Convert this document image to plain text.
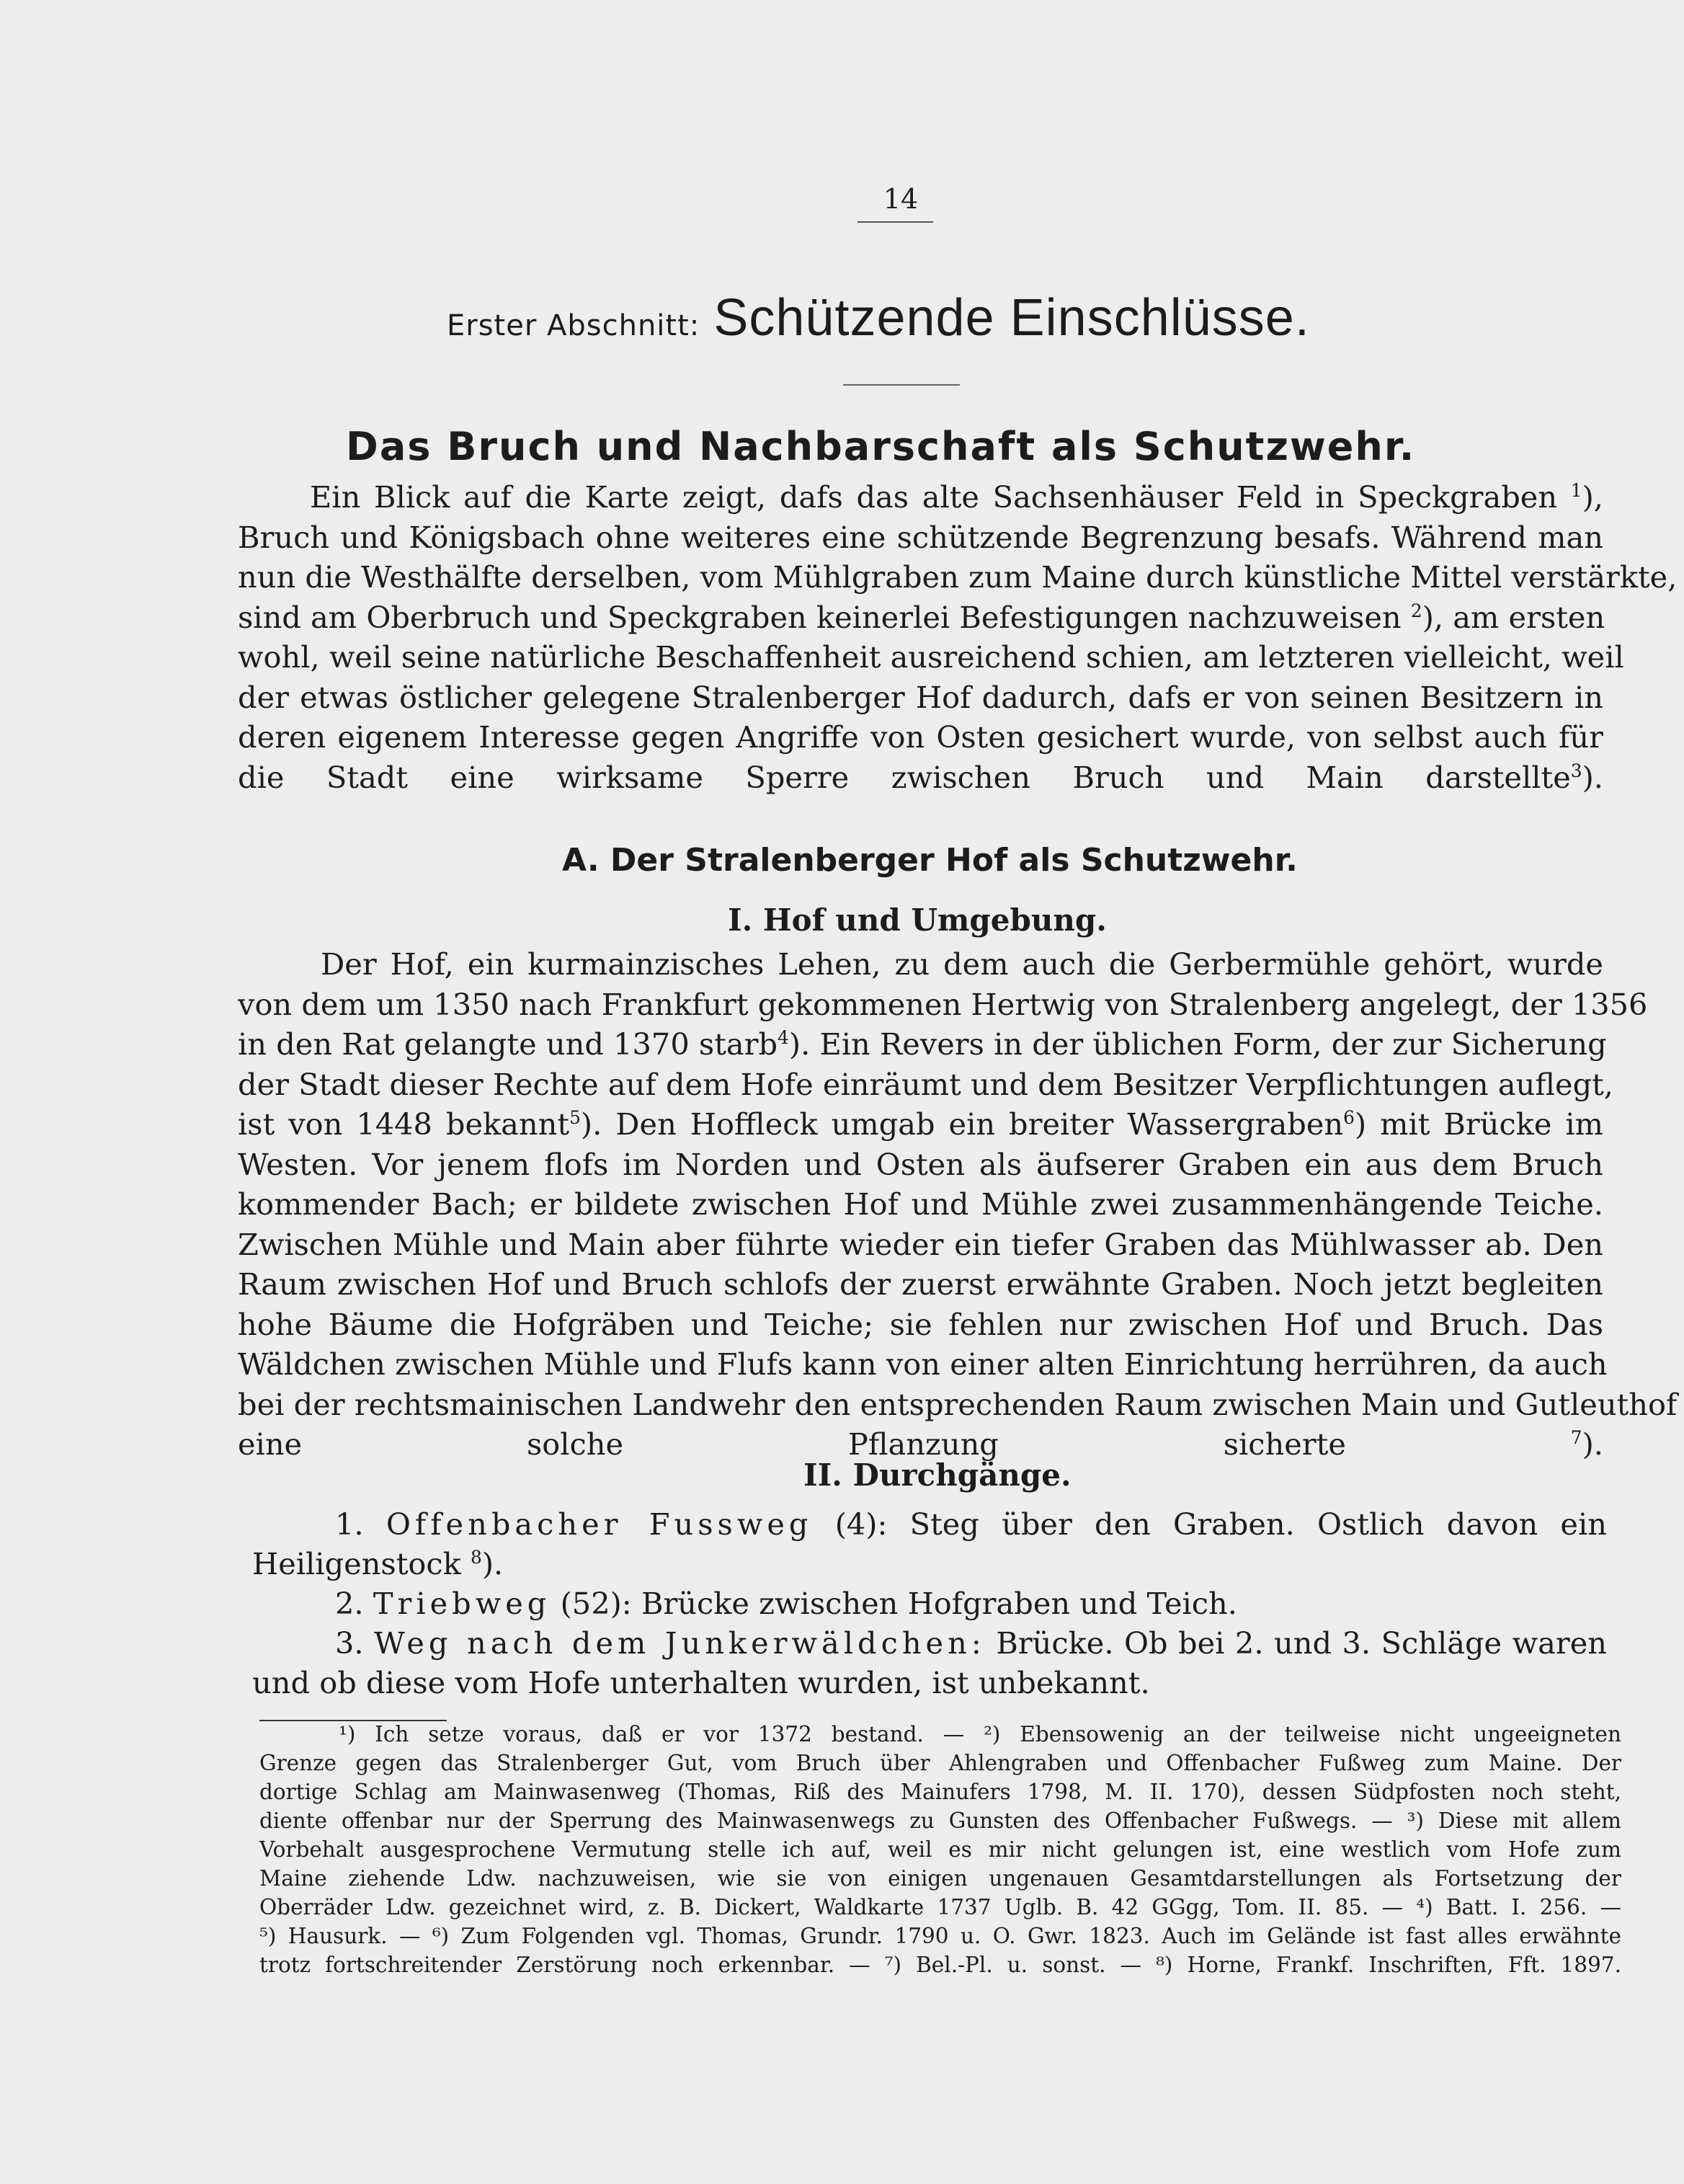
14
Erster Abschnitt: Schützende Einschlüsse.
Das Bruch und Nachbarschaft als Schutzwehr.
Ein Blick auf die Karte zeigt, dafs das alte Sachsenhäuser Feld in Speckgraben $^1$),
Bruch und Königsbach ohne weiteres eine schützende Begrenzung besafs. Während man
nun die Westhälfte derselben, vom Mühlgraben zum Maine durch künstliche Mittel verstärkte,
sind am Oberbruch und Speckgraben keinerlei Befestigungen nachzuweisen $^2$), am ersten
wohl, weil seine natürliche Beschaffenheit ausreichend schien, am letzteren vielleicht, weil
der etwas östlicher gelegene Stralenberger Hof dadurch, dafs er von seinen Besitzern in
deren eigenem Interesse gegen Angriffe von Osten gesichert wurde, von selbst auch für
die Stadt eine wirksame Sperre zwischen Bruch und Main darstellte$^3$).
A. Der Stralenberger Hof als Schutzwehr.
I. Hof und Umgebung.
Der Hof, ein kurmainzisches Lehen, zu dem auch die Gerbermühle gehört, wurde
von dem um 1350 nach Frankfurt gekommenen Hertwig von Stralenberg angelegt, der 1356
in den Rat gelangte und 1370 starb$^4$). Ein Revers in der üblichen Form, der zur Sicherung
der Stadt dieser Rechte auf dem Hofe einräumt und dem Besitzer Verpflichtungen auflegt,
ist von 1448 bekannt$^5$). Den Hoffleck umgab ein breiter Wassergraben$^6$) mit Brücke im
Westen. Vor jenem flofs im Norden und Osten als äufserer Graben ein aus dem Bruch
kommender Bach; er bildete zwischen Hof und Mühle zwei zusammenhängende Teiche.
Zwischen Mühle und Main aber führte wieder ein tiefer Graben das Mühlwasser ab. Den
Raum zwischen Hof und Bruch schlofs der zuerst erwähnte Graben. Noch jetzt begleiten
hohe Bäume die Hofgräben und Teiche; sie fehlen nur zwischen Hof und Bruch. Das
Wäldchen zwischen Mühle und Flufs kann von einer alten Einrichtung herrühren, da auch
bei der rechtsmainischen Landwehr den entsprechenden Raum zwischen Main und Gutleuthof
eine solche Pflanzung sicherte	$^7$).
II. Durchgänge.
1. Offenbacher Fussweg (4): Steg über den Graben. Ostlich davon ein
Heiligenstock $^8$).
2. Triebweg (52): Brücke zwischen Hofgraben und Teich.
3. Weg nach dem Junkerwäldchen: Brücke. Ob bei 2. und 3. Schläge waren
und ob diese vom Hofe unterhalten wurden, ist unbekannt.
¹) Ich setze voraus, daß er vor 1372 bestand. — ²) Ebensowenig an der teilweise nicht ungeeigneten
Grenze gegen das Stralenberger Gut, vom Bruch über Ahlengraben und Offenbacher Fußweg zum Maine. Der
dortige Schlag am Mainwasenweg (Thomas, Riß des Mainufers 1798, M. II. 170), dessen Südpfosten noch steht,
diente offenbar nur der Sperrung des Mainwasenwegs zu Gunsten des Offenbacher Fußwegs. — ³) Diese mit allem
Vorbehalt ausgesprochene Vermutung stelle ich auf, weil es mir nicht gelungen ist, eine westlich vom Hofe zum
Maine ziehende Ldw. nachzuweisen, wie sie von einigen ungenauen Gesamtdarstellungen als Fortsetzung der
Oberräder Ldw. gezeichnet wird, z. B. Dickert, Waldkarte 1737 Uglb. B. 42 GGgg, Tom. II. 85. — ⁴) Batt. I. 256. —
⁵) Hausurk. — ⁶) Zum Folgenden vgl. Thomas, Grundr. 1790 u. O. Gwr. 1823. Auch im Gelände ist fast alles erwähnte
trotz fortschreitender Zerstörung noch erkennbar. — ⁷) Bel.-Pl. u. sonst. — ⁸) Horne, Frankf. Inschriften, Fft. 1897.
